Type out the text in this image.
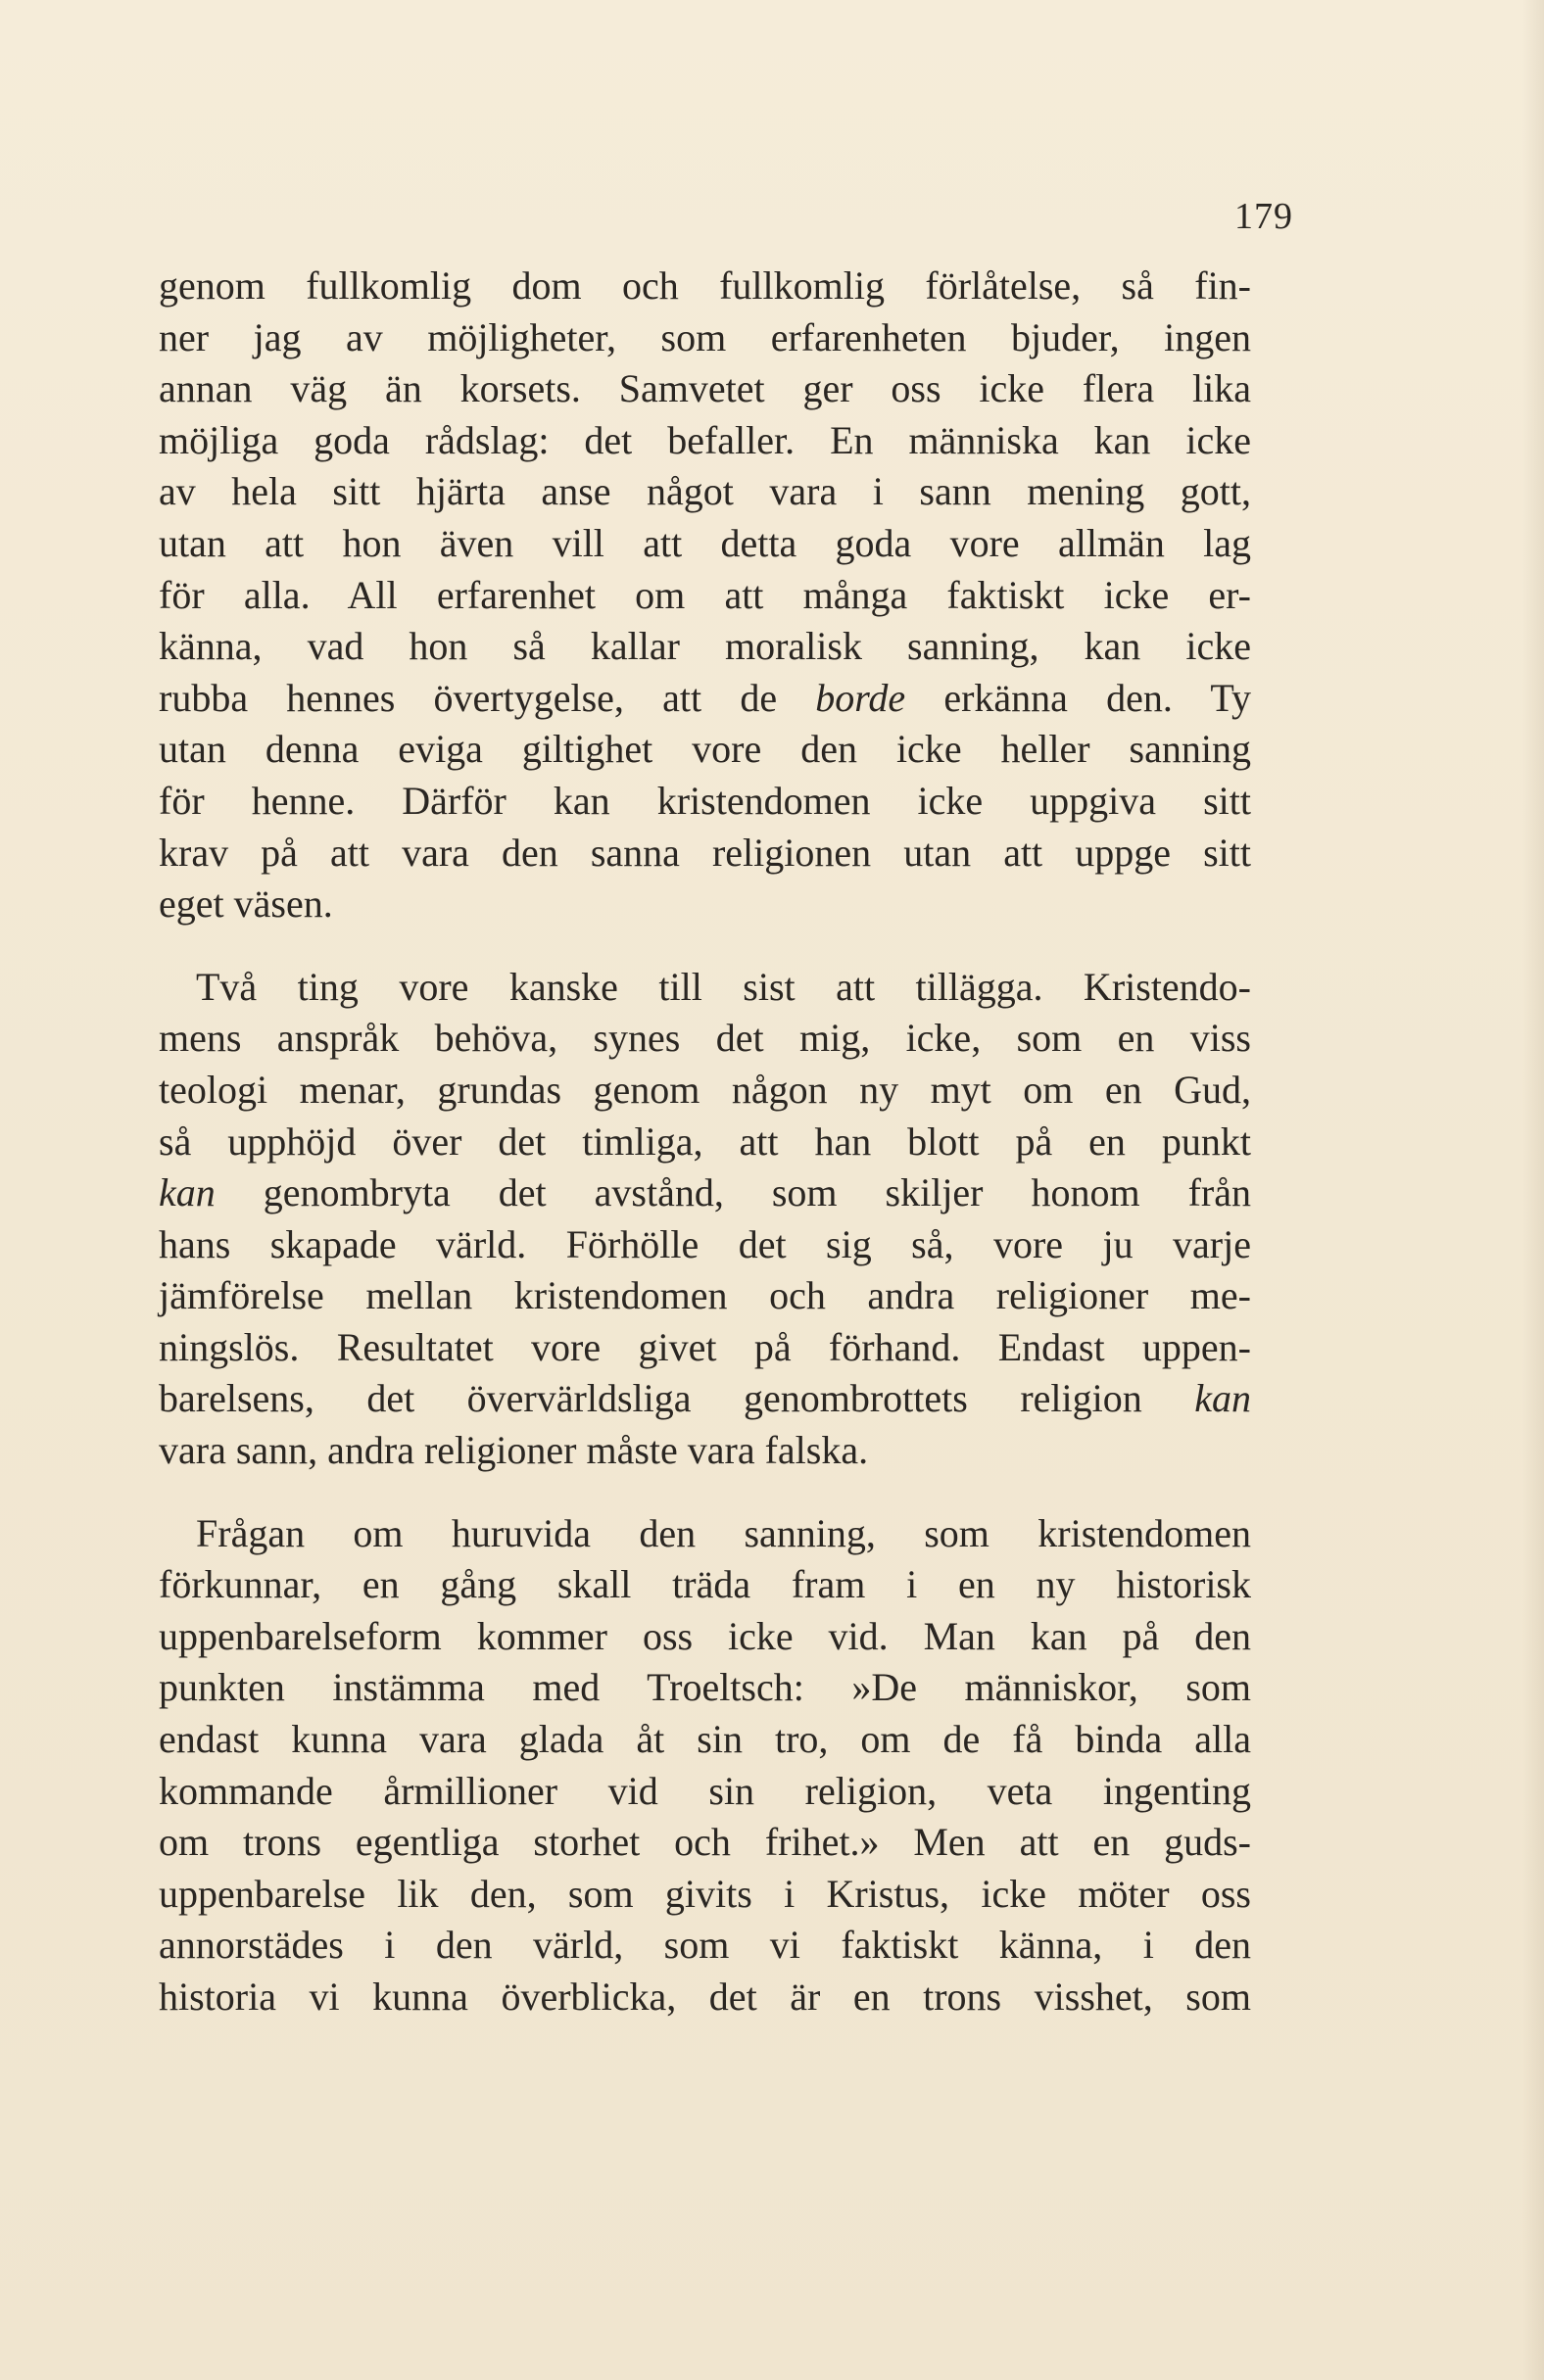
179
genom fullkomlig dom och fullkomlig förlåtelse, så fin-
ner jag av möjligheter, som erfarenheten bjuder, ingen
annan väg än korsets. Samvetet ger oss icke flera lika
möjliga goda rådslag: det befaller. En människa kan icke
av hela sitt hjärta anse något vara i sann mening gott,
utan att hon även vill att detta goda vore allmän lag
för alla. All erfarenhet om att många faktiskt icke er-
känna, vad hon så kallar moralisk sanning, kan icke
rubba hennes övertygelse, att de borde erkänna den. Ty
utan denna eviga giltighet vore den icke heller sanning
för henne. Därför kan kristendomen icke uppgiva sitt
krav på att vara den sanna religionen utan att uppge sitt
eget väsen.
Två ting vore kanske till sist att tillägga. Kristendo-
mens anspråk behöva, synes det mig, icke, som en viss
teologi menar, grundas genom någon ny myt om en Gud,
så upphöjd över det timliga, att han blott på en punkt
kan genombryta det avstånd, som skiljer honom från
hans skapade värld. Förhölle det sig så, vore ju varje
jämförelse mellan kristendomen och andra religioner me-
ningslös. Resultatet vore givet på förhand. Endast uppen-
barelsens, det övervärldsliga genombrottets religion kan
vara sann, andra religioner måste vara falska.
Frågan om huruvida den sanning, som kristendomen
förkunnar, en gång skall träda fram i en ny historisk
uppenbarelseform kommer oss icke vid. Man kan på den
punkten instämma med Troeltsch: »De människor, som
endast kunna vara glada åt sin tro, om de få binda alla
kommande årmillioner vid sin religion, veta ingenting
om trons egentliga storhet och frihet.» Men att en guds-
uppenbarelse lik den, som givits i Kristus, icke möter oss
annorstädes i den värld, som vi faktiskt känna, i den
historia vi kunna överblicka, det är en trons visshet, som
